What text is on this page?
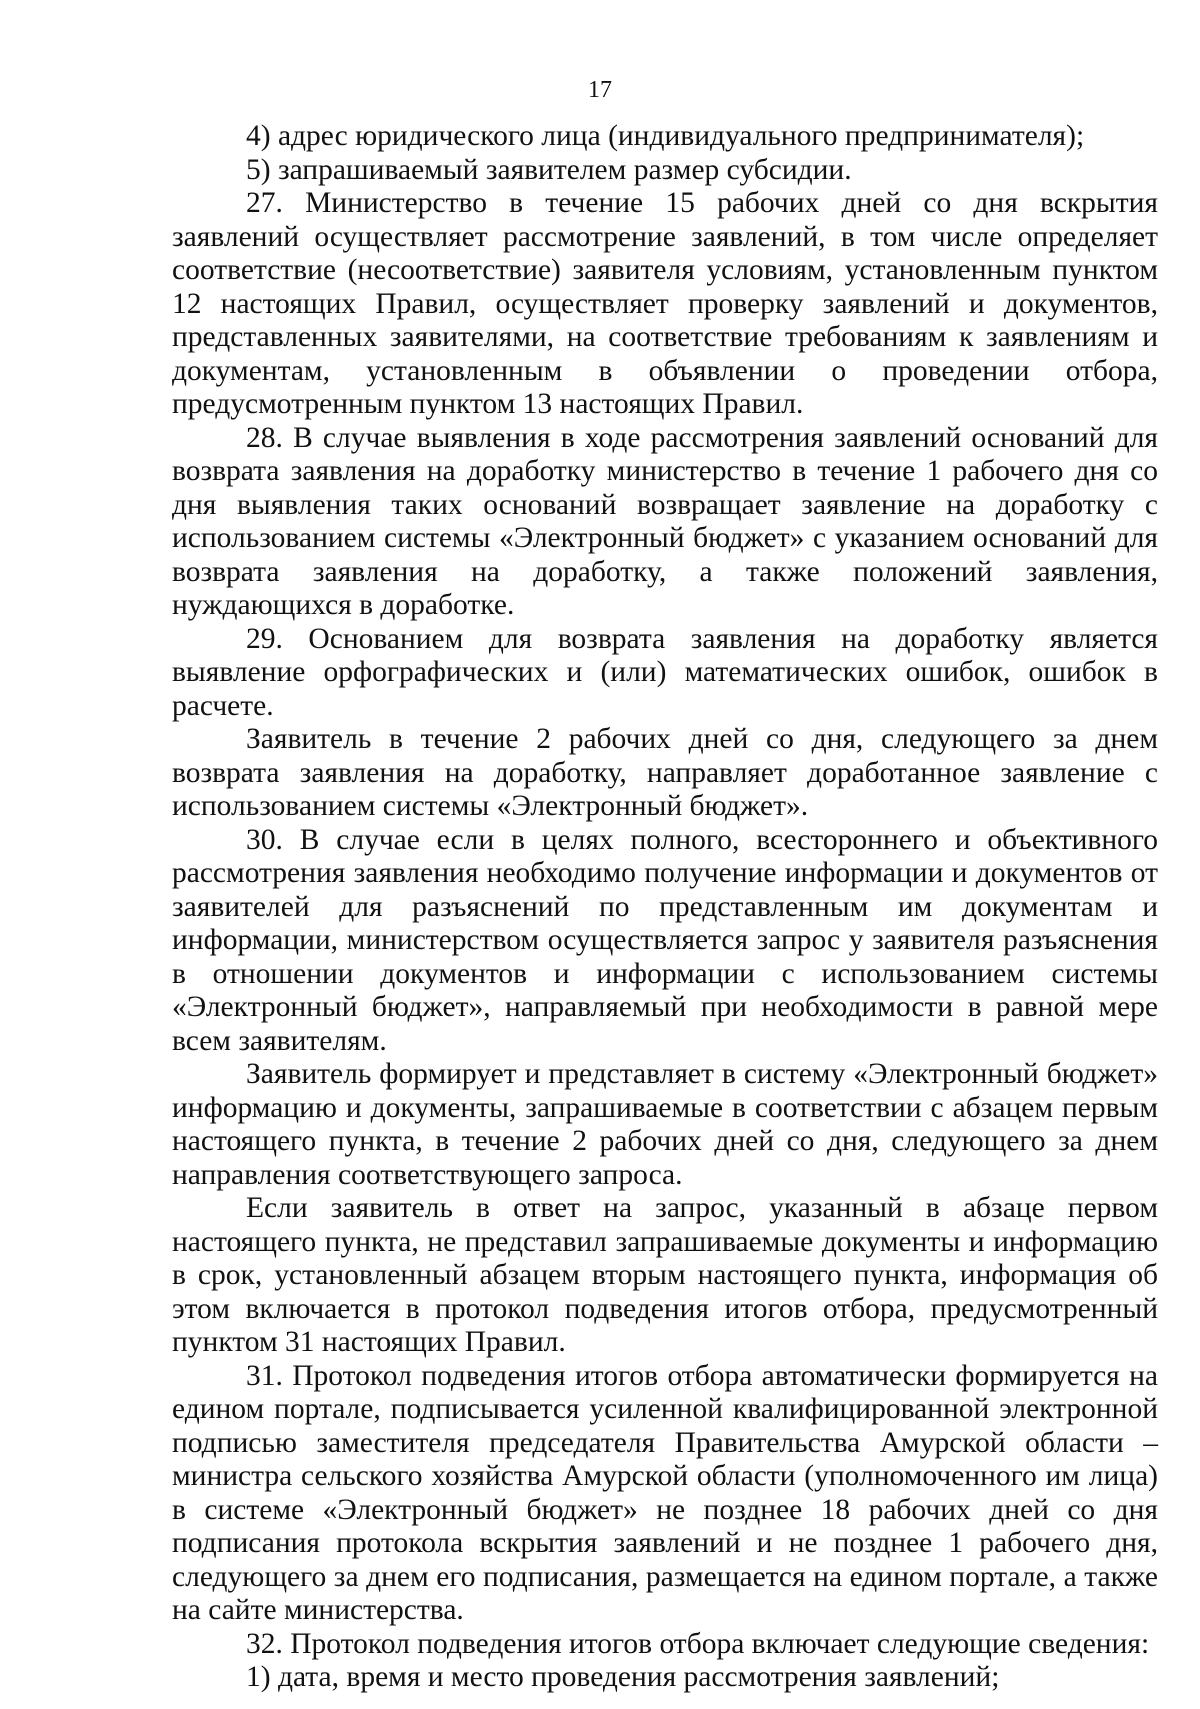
17

4) адрес юридического лица (индивидуального предпринимателя);

5) запрашиваемый заявителем размер субсидии.

27. Министерство в течение 15 рабочих дней со дня вскрытия заявлений осуществляет рассмотрение заявлений, в том числе определяет соответствие (несоответствие) заявителя условиям, установленным пунктом 12 настоящих Правил, осуществляет проверку заявлений и документов, представленных заявителями, на соответствие требованиям к заявлениям и документам, установленным в объявлении о проведении отбора, предусмотренным пунктом 13 настоящих Правил.

28. В случае выявления в ходе рассмотрения заявлений оснований для возврата заявления на доработку министерство в течение 1 рабочего дня со дня выявления таких оснований возвращает заявление на доработку с использованием системы «Электронный бюджет» с указанием оснований для возврата заявления на доработку, а также положений заявления, нуждающихся в доработке.

29. Основанием для возврата заявления на доработку является выявление орфографических и (или) математических ошибок, ошибок в расчете.

Заявитель в течение 2 рабочих дней со дня, следующего за днем возврата заявления на доработку, направляет доработанное заявление с использованием системы «Электронный бюджет».

30. В случае если в целях полного, всестороннего и объективного рассмотрения заявления необходимо получение информации и документов от заявителей для разъяснений по представленным им документам и информации, министерством осуществляется запрос у заявителя разъяснения в отношении документов и информации с использованием системы «Электронный бюджет», направляемый при необходимости в равной мере всем заявителям.

Заявитель формирует и представляет в систему «Электронный бюджет» информацию и документы, запрашиваемые в соответствии с абзацем первым настоящего пункта, в течение 2 рабочих дней со дня, следующего за днем направления соответствующего запроса.

Если заявитель в ответ на запрос, указанный в абзаце первом настоящего пункта, не представил запрашиваемые документы и информацию в срок, установленный абзацем вторым настоящего пункта, информация об этом включается в протокол подведения итогов отбора, предусмотренный пунктом 31 настоящих Правил.

31. Протокол подведения итогов отбора автоматически формируется на едином портале, подписывается усиленной квалифицированной электронной подписью заместителя председателя Правительства Амурской области – министра сельского хозяйства Амурской области (уполномоченного им лица) в системе «Электронный бюджет» не позднее 18 рабочих дней со дня подписания протокола вскрытия заявлений и не позднее 1 рабочего дня, следующего за днем его подписания, размещается на едином портале, а также на сайте министерства.

32. Протокол подведения итогов отбора включает следующие сведения:

1) дата, время и место проведения рассмотрения заявлений;
